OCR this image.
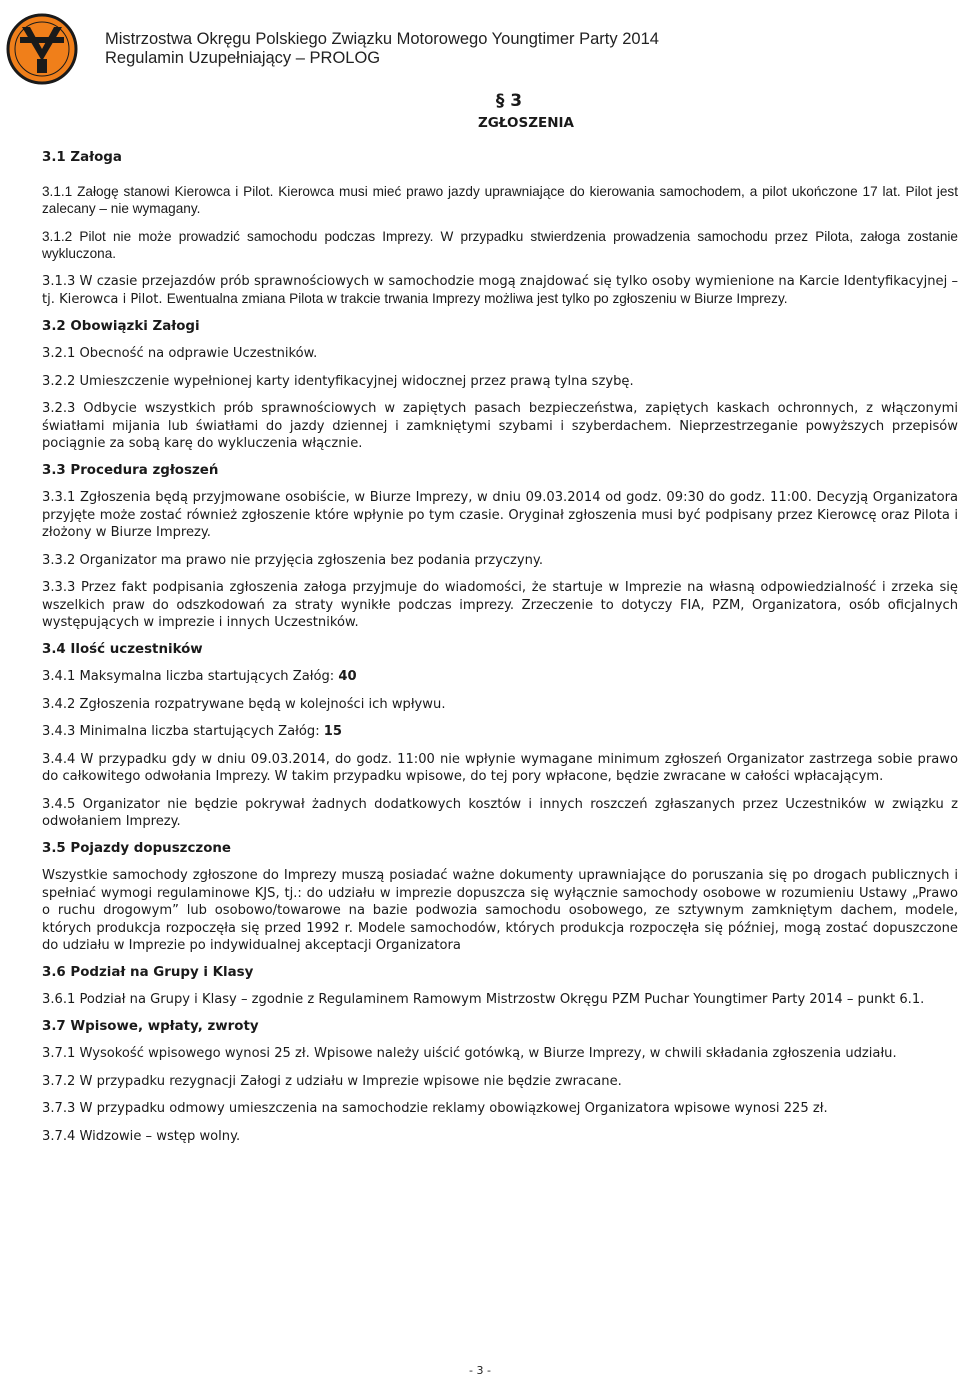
Mistrzostwa Okręgu Polskiego Związku Motorowego Youngtimer Party 2014
Regulamin Uzupełniający – PROLOG
§ 3
ZGŁOSZENIA

3.1 Załoga

3.1.1 Załogę stanowi Kierowca i Pilot. Kierowca musi mieć prawo jazdy uprawniające do kierowania samochodem, a pilot ukończone 17 lat. Pilot jest zalecany – nie wymagany.

3.1.2 Pilot nie może prowadzić samochodu podczas Imprezy. W przypadku stwierdzenia prowadzenia samochodu przez Pilota, załoga zostanie wykluczona.

3.1.3 W czasie przejazdów prób sprawnościowych w samochodzie mogą znajdować się tylko osoby wymienione na Karcie Identyfikacyjnej – tj. Kierowca i Pilot. Ewentualna zmiana Pilota w trakcie trwania Imprezy możliwa jest tylko po zgłoszeniu w Biurze Imprezy.

3.2 Obowiązki Załogi

3.2.1 Obecność na odprawie Uczestników.

3.2.2 Umieszczenie wypełnionej karty identyfikacyjnej widocznej przez prawą tylna szybę.

3.2.3 Odbycie wszystkich prób sprawnościowych w zapiętych pasach bezpieczeństwa, zapiętych kaskach ochronnych, z włączonymi światłami mijania lub światłami do jazdy dziennej i zamkniętymi szybami i szyberdachem. Nieprzestrzeganie powyższych przepisów pociągnie za sobą karę do wykluczenia włącznie.

3.3 Procedura zgłoszeń

3.3.1 Zgłoszenia będą przyjmowane osobiście, w Biurze Imprezy, w dniu 09.03.2014 od godz. 09:30 do godz. 11:00. Decyzją Organizatora przyjęte może zostać również zgłoszenie które wpłynie po tym czasie. Oryginał zgłoszenia musi być podpisany przez Kierowcę oraz Pilota i złożony w Biurze Imprezy.

3.3.2 Organizator ma prawo nie przyjęcia zgłoszenia bez podania przyczyny.

3.3.3 Przez fakt podpisania zgłoszenia załoga przyjmuje do wiadomości, że startuje w Imprezie na własną odpowiedzialność i zrzeka się wszelkich praw do odszkodowań za straty wynikłe podczas imprezy. Zrzeczenie to dotyczy FIA, PZM, Organizatora, osób oficjalnych występujących w imprezie i innych Uczestników.

3.4 Ilość uczestników

3.4.1 Maksymalna liczba startujących Załóg: 40

3.4.2 Zgłoszenia rozpatrywane będą w kolejności ich wpływu.

3.4.3 Minimalna liczba startujących Załóg: 15

3.4.4 W przypadku gdy w dniu 09.03.2014, do godz. 11:00 nie wpłynie wymagane minimum zgłoszeń Organizator zastrzega sobie prawo do całkowitego odwołania Imprezy. W takim przypadku wpisowe, do tej pory wpłacone, będzie zwracane w całości wpłacającym.

3.4.5 Organizator nie będzie pokrywał żadnych dodatkowych kosztów i innych roszczeń zgłaszanych przez Uczestników w związku z odwołaniem Imprezy.

3.5 Pojazdy dopuszczone

Wszystkie samochody zgłoszone do Imprezy muszą posiadać ważne dokumenty uprawniające do poruszania się po drogach publicznych i spełniać wymogi regulaminowe KJS, tj.: do udziału w imprezie dopuszcza się wyłącznie samochody osobowe w rozumieniu Ustawy „Prawo o ruchu drogowym” lub osobowo/towarowe na bazie podwozia samochodu osobowego, ze sztywnym zamkniętym dachem, modele, których produkcja rozpoczęła się przed 1992 r. Modele samochodów, których produkcja rozpoczęła się później, mogą zostać dopuszczone do udziału w Imprezie po indywidualnej akceptacji Organizatora

3.6 Podział na Grupy i Klasy

3.6.1 Podział na Grupy i Klasy – zgodnie z Regulaminem Ramowym Mistrzostw Okręgu PZM Puchar Youngtimer Party 2014 – punkt 6.1.

3.7 Wpisowe, wpłaty, zwroty

3.7.1 Wysokość wpisowego wynosi 25 zł. Wpisowe należy uiścić gotówką, w Biurze Imprezy, w chwili składania zgłoszenia udziału.

3.7.2 W przypadku rezygnacji Załogi z udziału w Imprezie wpisowe nie będzie zwracane.

3.7.3 W przypadku odmowy umieszczenia na samochodzie reklamy obowiązkowej Organizatora wpisowe wynosi 225 zł.

3.7.4 Widzowie – wstęp wolny.

- 3 -
